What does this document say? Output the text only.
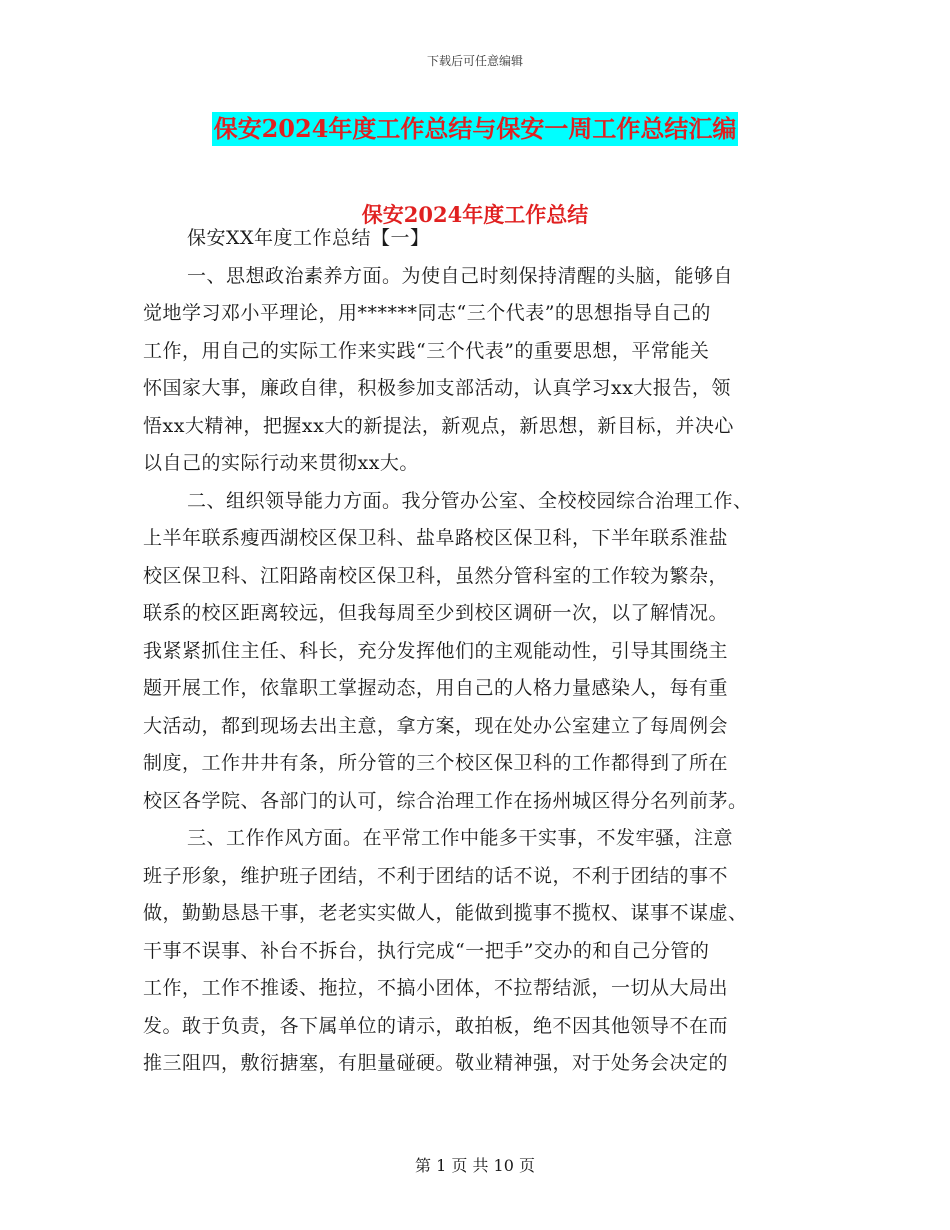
下载后可任意编辑
保安2024年度工作总结与保安一周工作总结汇编
保安2024年度工作总结
保安XX年度工作总结【一】
一、思想政治素养方面。为使自己时刻保持清醒的头脑，能够自
觉地学习邓小平理论，用******同志“三个代表”的思想指导自己的
工作，用自己的实际工作来实践“三个代表”的重要思想，平常能关
怀国家大事，廉政自律，积极参加支部活动，认真学习xx大报告，领
悟xx大精神，把握xx大的新提法，新观点，新思想，新目标，并决心
以自己的实际行动来贯彻xx大。
二、组织领导能力方面。我分管办公室、全校校园综合治理工作、
上半年联系瘦西湖校区保卫科、盐阜路校区保卫科，下半年联系淮盐
校区保卫科、江阳路南校区保卫科，虽然分管科室的工作较为繁杂，
联系的校区距离较远，但我每周至少到校区调研一次，以了解情况。
我紧紧抓住主任、科长，充分发挥他们的主观能动性，引导其围绕主
题开展工作，依靠职工掌握动态，用自己的人格力量感染人，每有重
大活动，都到现场去出主意，拿方案，现在处办公室建立了每周例会
制度，工作井井有条，所分管的三个校区保卫科的工作都得到了所在
校区各学院、各部门的认可，综合治理工作在扬州城区得分名列前茅。
三、工作作风方面。在平常工作中能多干实事，不发牢骚，注意
班子形象，维护班子团结，不利于团结的话不说，不利于团结的事不
做，勤勤恳恳干事，老老实实做人，能做到揽事不揽权、谋事不谋虚、
干事不误事、补台不拆台，执行完成“一把手”交办的和自己分管的
工作，工作不推诿、拖拉，不搞小团体，不拉帮结派，一切从大局出
发。敢于负责，各下属单位的请示，敢拍板，绝不因其他领导不在而
推三阻四，敷衍搪塞，有胆量碰硬。敬业精神强，对于处务会决定的
第 1 页 共 10 页
